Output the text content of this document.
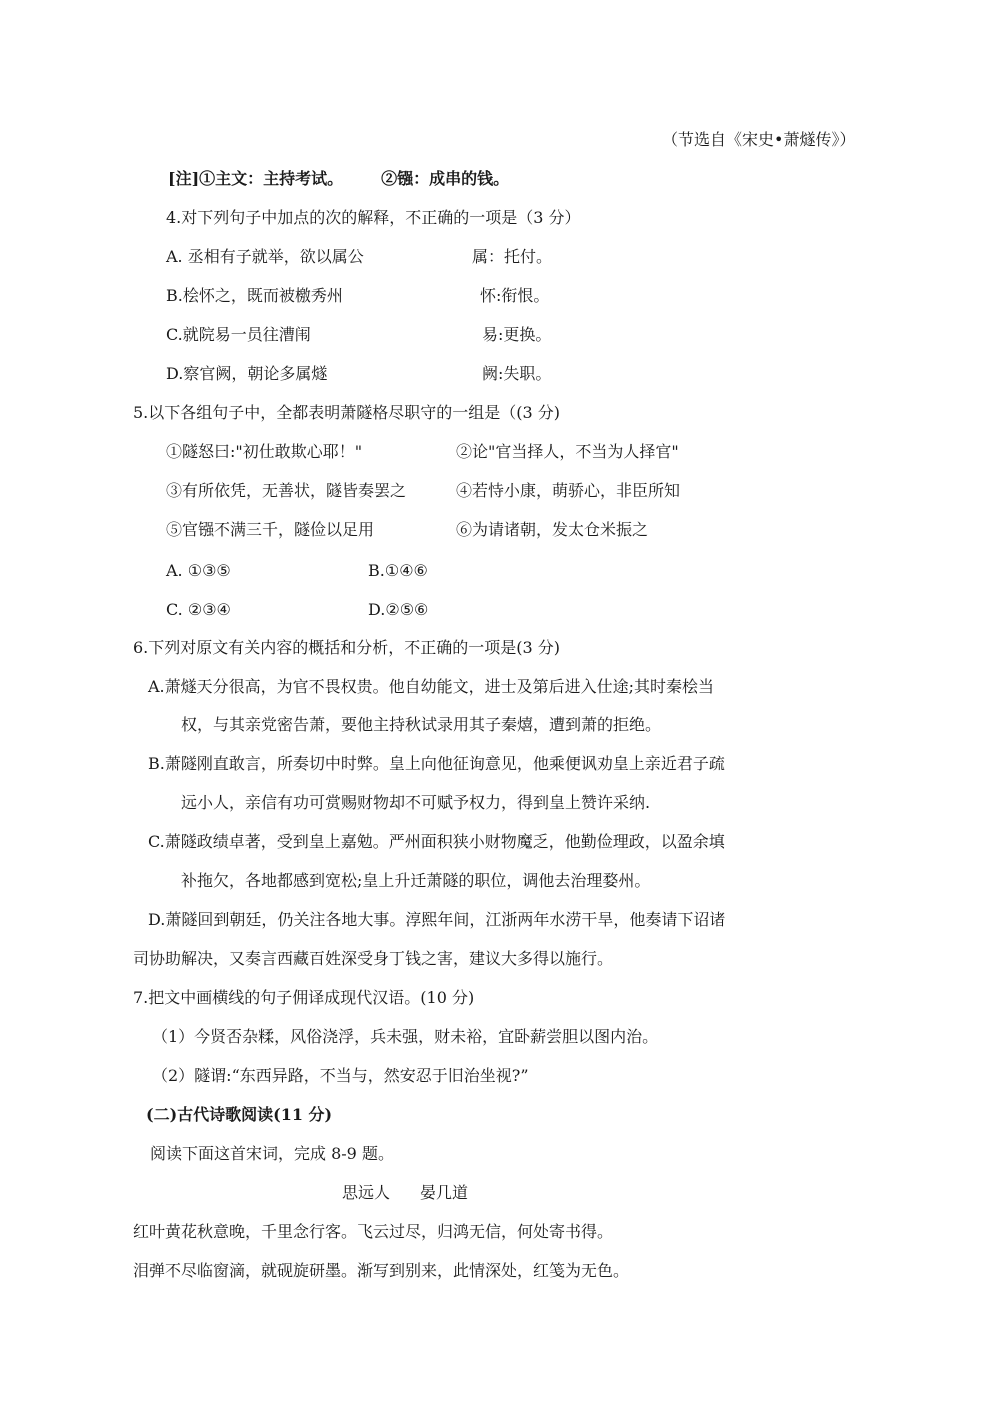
（节选自《宋史•萧燧传》）
[注]①主文：主持考试。 ②镪：成串的钱。
4.对下列句子中加点的次的解释，不正确的一项是（3 分）
A. 丞相有子就举，欲以属公	属：托付。
B.桧怀之，既而被檄秀州	怀:衔恨。
C.就院易一员往漕闱	易:更换。
D.察官阙，朝论多属燧	阙:失职。
5.以下各组句子中，全都表明萧隧格尽职守的一组是（(3 分)
①隧怒曰:"初仕敢欺心耶！"	②论"官当择人，不当为人择官"
③有所依凭，无善状，隧皆奏罢之	④若恃小康，萌骄心，非臣所知
⑤官镪不满三千，隧俭以足用	⑥为请诸朝，发太仓米振之
A. ①③⑤	B.①④⑥
C. ②③④	D.②⑤⑥
6.下列对原文有关内容的概括和分析，不正确的一项是(3 分)
A.萧燧天分很高，为官不畏权贵。他自幼能文，进士及第后进入仕途;其时秦桧当
权，与其亲党密告萧，要他主持秋试录用其子秦熺，遭到萧的拒绝。
B.萧隧刚直敢言，所奏切中时弊。皇上向他征询意见，他乘便讽劝皇上亲近君子疏
远小人，亲信有功可赏赐财物却不可赋予权力，得到皇上赞许采纳.
C.萧隧政绩卓著，受到皇上嘉勉。严州面积狭小财物魔乏，他勤俭理政，以盈余填
补拖欠，各地都感到宽松;皇上升迁萧隧的职位，调他去治理婺州。
D.萧隧回到朝廷，仍关注各地大事。淳熙年间，江浙两年水涝干旱，他奏请下诏诸
司协助解决，又奏言西藏百姓深受身丁钱之害，建议大多得以施行。
7.把文中画横线的句子佣译成现代汉语。(10 分)
（1）今贤否杂糅，风俗浇浮，兵未强，财未裕，宜卧薪尝胆以图内治。
（2）隧谓:“东西异路，不当与，然安忍于旧治坐视?”
(二)古代诗歌阅读(11 分)
阅读下面这首宋词，完成 8-9 题。
思远人 晏几道
红叶黄花秋意晚，千里念行客。飞云过尽，归鸿无信，何处寄书得。
泪弹不尽临窗滴，就砚旋研墨。渐写到别来，此情深处，红笺为无色。
